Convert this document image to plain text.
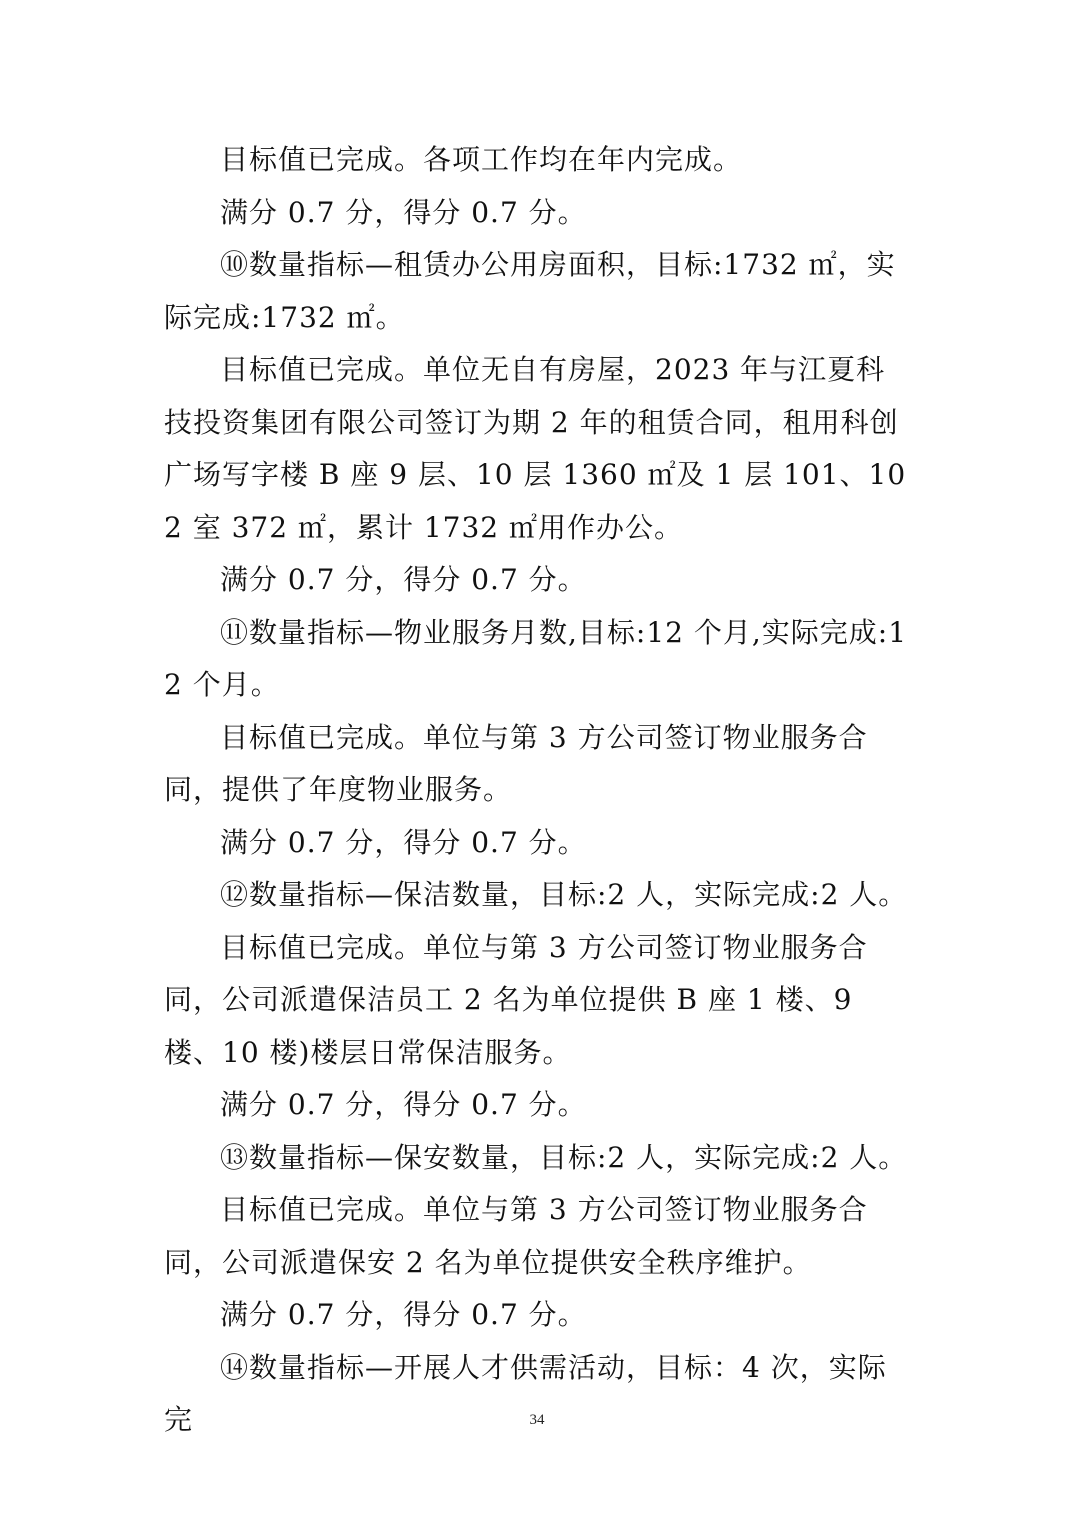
目标值已完成。各项工作均在年内完成。

满分 0.7 分，得分 0.7 分。

⑩数量指标—租赁办公用房面积，目标:1732 ㎡，实际完成:1732 ㎡。

目标值已完成。单位无自有房屋，2023 年与江夏科技投资集团有限公司签订为期 2 年的租赁合同，租用科创广场写字楼 B 座 9 层、10 层 1360 ㎡及 1 层 101、102 室 372 ㎡，累计 1732 ㎡用作办公。

满分 0.7 分，得分 0.7 分。

⑪数量指标—物业服务月数,目标:12 个月,实际完成:12 个月。

目标值已完成。单位与第 3 方公司签订物业服务合同，提供了年度物业服务。

满分 0.7 分，得分 0.7 分。

⑫数量指标—保洁数量，目标:2 人，实际完成:2 人。

目标值已完成。单位与第 3 方公司签订物业服务合同，公司派遣保洁员工 2 名为单位提供 B 座 1 楼、9 楼、10 楼)楼层日常保洁服务。

满分 0.7 分，得分 0.7 分。

⑬数量指标—保安数量，目标:2 人，实际完成:2 人。

目标值已完成。单位与第 3 方公司签订物业服务合同，公司派遣保安 2 名为单位提供安全秩序维护。

满分 0.7 分，得分 0.7 分。

⑭数量指标—开展人才供需活动，目标：4 次，实际完	34
